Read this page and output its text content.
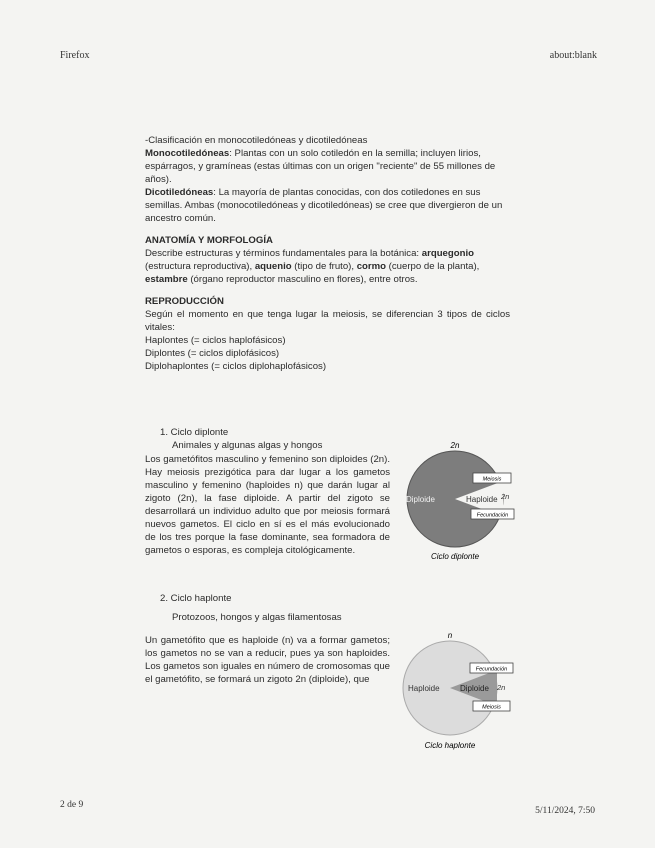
Firefox	about:blank

-Clasificación en monocotiledóneas y dicotiledóneas

Monocotiledóneas: Plantas con un solo cotiledón en la semilla; incluyen lirios, espárragos, y gramíneas (estas últimas con un origen "reciente" de 55 millones de años).

Dicotiledóneas: La mayoría de plantas conocidas, con dos cotiledones en sus semillas. Ambas (monocotiledóneas y dicotiledóneas) se cree que divergieron de un ancestro común.

ANATOMÍA Y MORFOLOGÍA

Describe estructuras y términos fundamentales para la botánica: arquegonio (estructura reproductiva), aquenio (tipo de fruto), cormo (cuerpo de la planta), estambre (órgano reproductor masculino en flores), entre otros.

REPRODUCCIÓN

Según el momento en que tenga lugar la meiosis, se diferencian 3 tipos de ciclos vitales:

Haplontes (= ciclos haplofásicos)

Diplontes (= ciclos diplofásicos)

Diplohaplontes (= ciclos diplohaplofásicos)

1. Ciclo diplonte
Animales y algunas algas y hongos
Los gametófitos masculino y femenino son diploides (2n). Hay meiosis prezigótica para dar lugar a los gametos masculino y femenino (haploides n) que darán lugar al zigoto (2n), la fase diploide. A partir del zigoto se desarrollará un individuo adulto que por meiosis formará nuevos gametos. El ciclo en sí es el más evolucionado de los tres porque la fase dominante, sea formadora de gametos o esporas, es compleja citológicamente.
2n
Diploide	Haploide 2n
Meiosis
Fecundación
Ciclo diplonte
2. Ciclo haplonte
Protozoos, hongos y algas filamentosas
Un gametófito que es haploide (n) va a formar gametos; los gametos no se van a reducir, pues ya son haploides. Los gametos son iguales en número de cromosomas que el gametófito, se formará un zigoto 2n (diploide), que
n
Haploide	Diploide 2n
Fecundación
Meiosis
Ciclo haplonte
2 de 9
5/11/2024, 7:50
